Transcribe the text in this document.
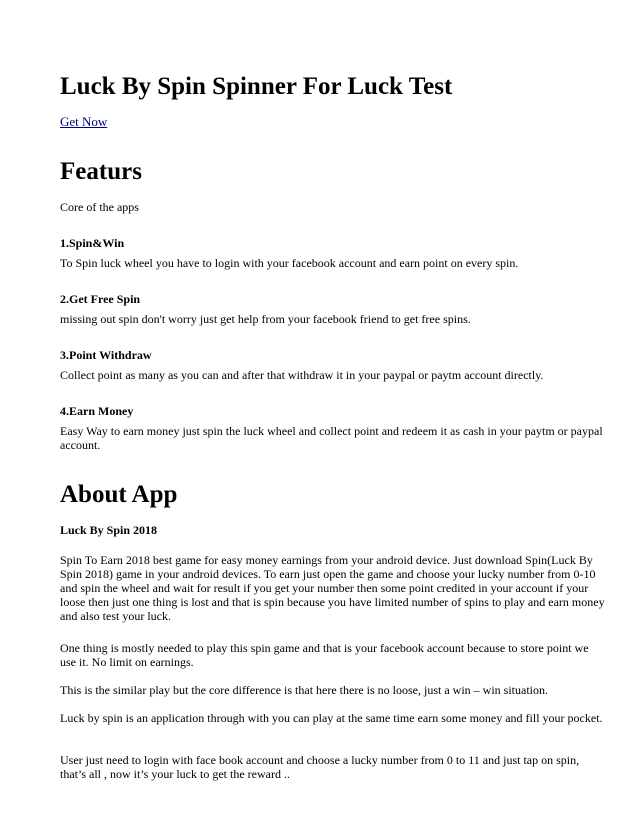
Luck By Spin Spinner For Luck Test
Get Now
Featurs

Core of the apps

1.Spin&Win

To Spin luck wheel you have to login with your facebook account and earn point on every spin.

2.Get Free Spin

missing out spin don't worry just get help from your facebook friend to get free spins.

3.Point Withdraw

Collect point as many as you can and after that withdraw it in your paypal or paytm account directly.

4.Earn Money

Easy Way to earn money just spin the luck wheel and collect point and redeem it as cash in your paytm or paypal account.

About App

Luck By Spin 2018

Spin To Earn 2018 best game for easy money earnings from your android device. Just download Spin(Luck By Spin 2018) game in your android devices. To earn just open the game and choose your lucky number from 0-10 and spin the wheel and wait for result if you get your number then some point credited in your account if your loose then just one thing is lost and that is spin because you have limited number of spins to play and earn money and also test your luck.

One thing is mostly needed to play this spin game and that is your facebook account because to store point we use it. No limit on earnings.

This is the similar play but the core difference is that here there is no loose, just a win – win situation.

Luck by spin is an application through with you can play at the same time earn some money and fill your pocket.

User just need to login with face book account and choose a lucky number from 0 to 11 and just tap on spin, that’s all , now it’s your luck to get the reward ..
